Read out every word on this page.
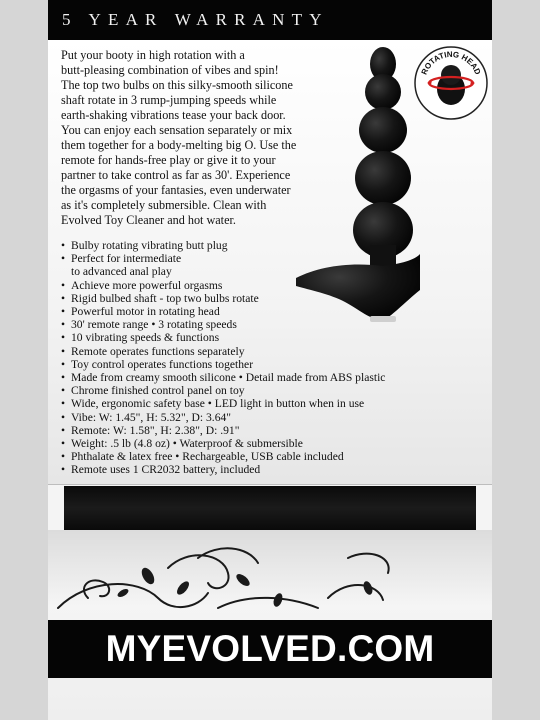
5 YEAR WARRANTY

Put your booty in high rotation with a
butt-pleasing combination of vibes and spin!
The top two bulbs on this silky-smooth silicone
shaft rotate in 3 rump-jumping speeds while
earth-shaking vibrations tease your back door.
You can enjoy each sensation separately or mix
them together for a body-melting big O. Use the
remote for hands-free play or give it to your
partner to take control as far as 30'. Experience
the orgasms of your fantasies, even underwater
as it's completely submersible. Clean with
Evolved Toy Cleaner and hot water.

• Bulby rotating vibrating butt plug
• Perfect for intermediate
to advanced anal play
• Achieve more powerful orgasms
• Rigid bulbed shaft - top two bulbs rotate
• Powerful motor in rotating head
• 30' remote range • 3 rotating speeds
• 10 vibrating speeds & functions
• Remote operates functions separately
• Toy control operates functions together
• Made from creamy smooth silicone • Detail made from ABS plastic
• Chrome finished control panel on toy
• Wide, ergonomic safety base • LED light in button when in use
• Vibe: W: 1.45", H: 5.32", D: 3.64"
• Remote: W: 1.58", H: 2.38", D: .91"
• Weight: .5 lb (4.8 oz) • Waterproof & submersible
• Phthalate & latex free • Rechargeable, USB cable included
• Remote uses 1 CR2032 battery, included
ROTATING HEAD
MYEVOLVED.COM
